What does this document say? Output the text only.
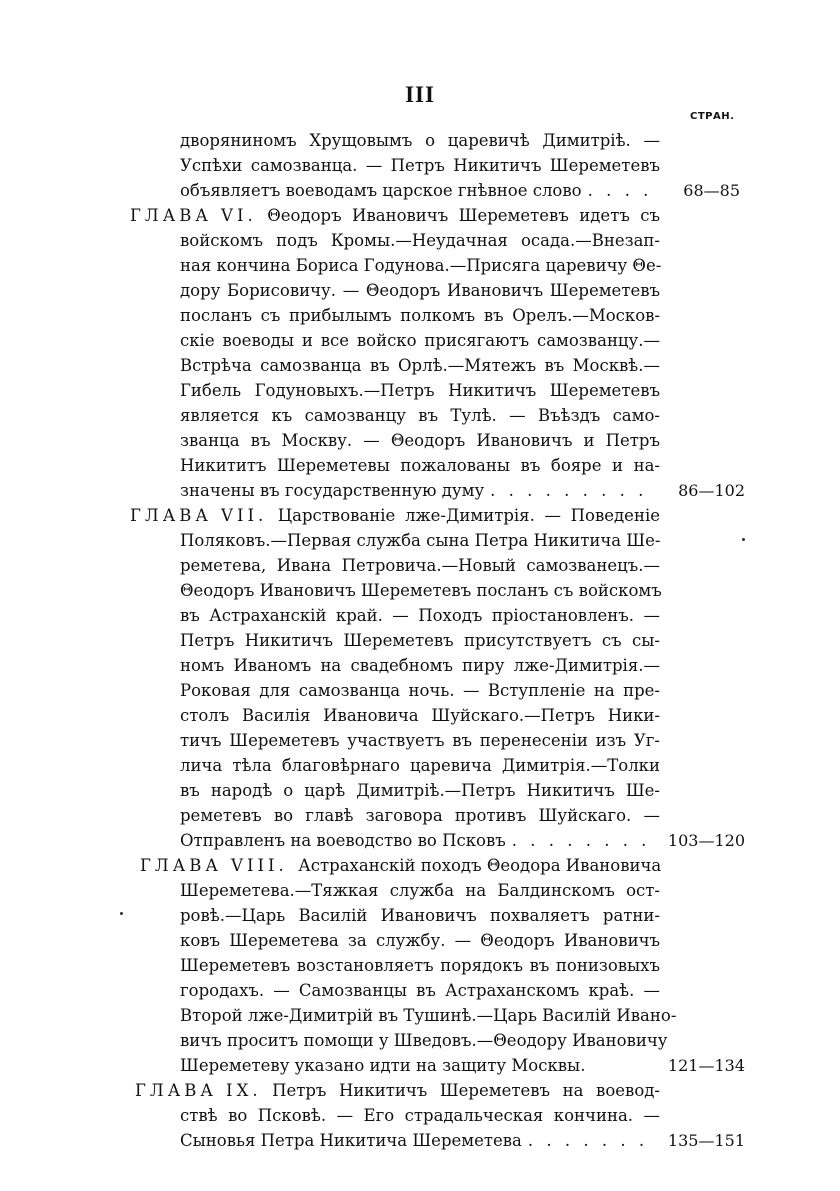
III
СТРАН.
дворяниномъ Хрущовымъ о царевичѣ Димитріѣ. —
Успѣхи самозванца. — Петръ Никитичъ Шереметевъ
объявляетъ воеводамъ царское гнѣвное слово . . .	68—85
ГЛАВА VI.
Θеодоръ Ивановичъ Шереметевъ идетъ съ
войскомъ подъ Кромы.—Неудачная осада.—Внезап-
ная кончина Бориса Годунова.—Присяга царевичу Θе-
дору Борисовичу. — Θеодоръ Ивановичъ Шереметевъ
посланъ съ прибылымъ полкомъ въ Орелъ.—Москов-
скіе воеводы и все войско присягаютъ самозванцу.—
Встрѣча самозванца въ Орлѣ.—Мятежъ въ Москвѣ.—
Гибель Годуновыхъ.—Петръ Никитичъ Шереметевъ
является къ самозванцу въ Тулѣ. — Въѣздъ само-
званца въ Москву. — Θеодоръ Ивановичъ и Петръ
Никититъ Шереметевы пожалованы въ бояре и на-
значены въ государственную думу . . .	86—102
ГЛАВА VII.
Царствованіе лже-Димитрія. — Поведеніе
Поляковъ.—Первая служба сына Петра Никитича Ше-
реметева, Ивана Петровича.—Новый самозванецъ.—
Θеодоръ Ивановичъ Шереметевъ посланъ съ войскомъ
въ Астраханскій край. — Походъ пріостановленъ. —
Петръ Никитичъ Шереметевъ присутствуетъ съ сы-
номъ Иваномъ на свадебномъ пиру лже-Димитрія.—
Роковая для самозванца ночь. — Вступленіе на пре-
столъ Василія Ивановича Шуйскаго.—Петръ Ники-
тичъ Шереметевъ участвуетъ въ перенесеніи изъ Уг-
лича тѣла благовѣрнаго царевича Димитрія.—Толки
въ народѣ о царѣ Димитріѣ.—Петръ Никитичъ Ше-
реметевъ во главѣ заговора противъ Шуйскаго. —
Отправленъ на воеводство во Псковъ . . .	103—120
ГЛАВА VIII.
Астраханскій походъ Θеодора Ивановича
Шереметева.—Тяжкая служба на Балдинскомъ ост-
ровѣ.—Царь Василій Ивановичъ похваляетъ ратни-
ковъ Шереметева за службу. — Θеодоръ Ивановичъ
Шереметевъ возстановляетъ порядокъ въ понизовыхъ
городахъ. — Самозванцы въ Астраханскомъ краѣ. —
Второй лже-Димитрій въ Тушинѣ.—Царь Василій Ивано-
вичъ проситъ помощи у Шведовъ.—Θеодору Ивановичу
Шереметеву указано идти на защиту Москвы.	121—134
ГЛАВА IX.
Петръ Никитичъ Шереметевъ на воевод-
ствѣ во Псковѣ. — Его страдальческая кончина. —
Сыновья Петра Никитича Шереметева . . .	135—151
